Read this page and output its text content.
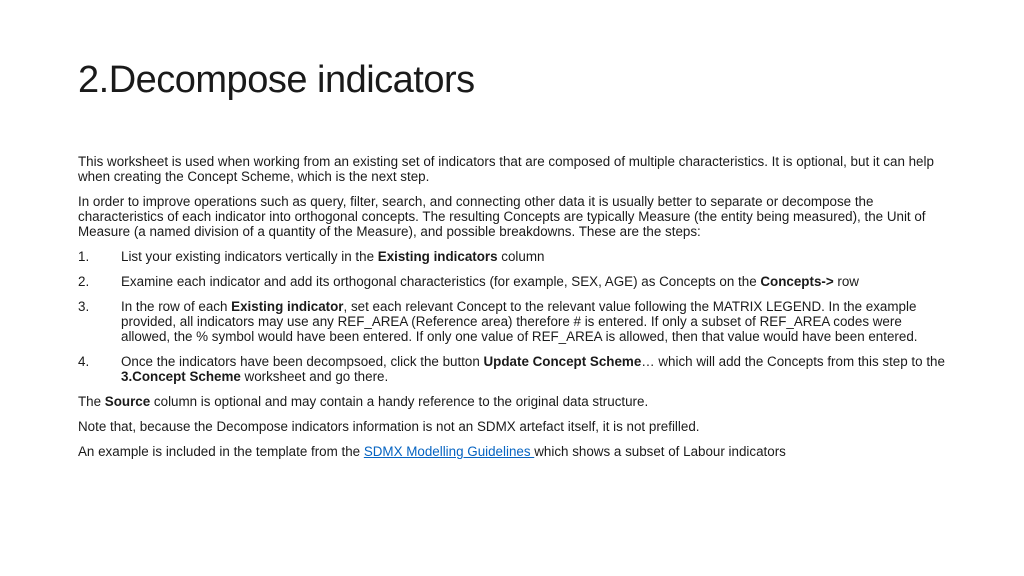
2.Decompose indicators

This worksheet is used when working from an existing set of indicators that are composed of multiple characteristics. It is optional, but it can help when creating the Concept Scheme, which is the next step.

In order to improve operations such as query, filter, search, and connecting other data it is usually better to separate or decompose the characteristics of each indicator into orthogonal concepts. The resulting Concepts are typically Measure (the entity being measured), the Unit of Measure (a named division of a quantity of the Measure), and possible breakdowns. These are the steps:

1.	List your existing indicators vertically in the Existing indicators column
2.	Examine each indicator and add its orthogonal characteristics (for example, SEX, AGE) as Concepts on the Concepts-> row
3.	In the row of each Existing indicator, set each relevant Concept to the relevant value following the MATRIX LEGEND. In the example provided, all indicators may use any REF_AREA (Reference area) therefore # is entered. If only a subset of REF_AREA codes were allowed, the % symbol would have been entered. If only one value of REF_AREA is allowed, then that value would have been entered.
4.	Once the indicators have been decompsoed, click the button Update Concept Scheme… which will add the Concepts from this step to the 3.Concept Scheme worksheet and go there.

The Source column is optional and may contain a handy reference to the original data structure.

Note that, because the Decompose indicators information is not an SDMX artefact itself, it is not prefilled.

An example is included in the template from the SDMX Modelling Guidelines which shows a subset of Labour indicators
